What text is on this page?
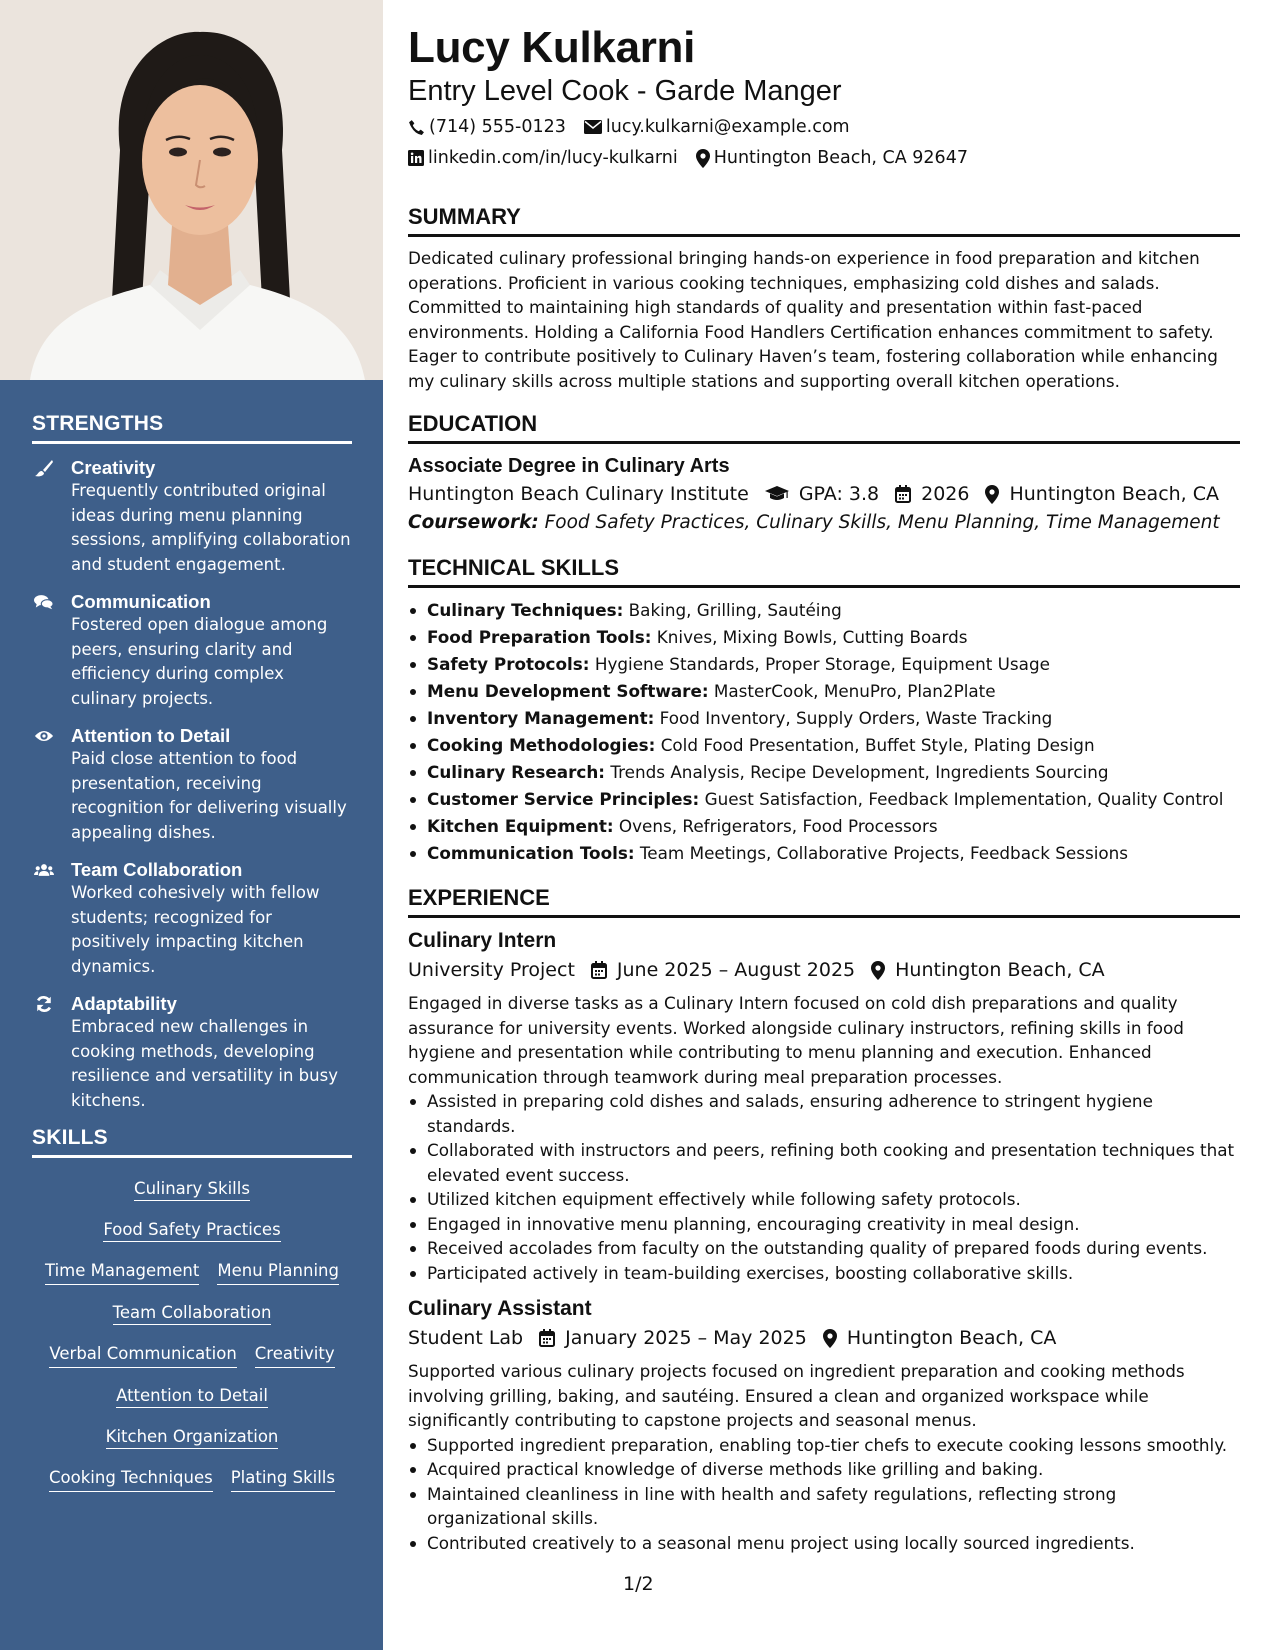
STRENGTHS
Creativity
Frequently contributed original ideas during menu planning sessions, amplifying collaboration and student engagement.
Communication
Fostered open dialogue among peers, ensuring clarity and efficiency during complex culinary projects.
Attention to Detail
Paid close attention to food presentation, receiving recognition for delivering visually appealing dishes.
Team Collaboration
Worked cohesively with fellow students; recognized for positively impacting kitchen dynamics.
Adaptability
Embraced new challenges in cooking methods, developing resilience and versatility in busy kitchens.
SKILLS
Culinary Skills
Food Safety Practices
Time Management Menu Planning
Team Collaboration
Verbal Communication Creativity
Attention to Detail
Kitchen Organization
Cooking Techniques Plating Skills
Lucy Kulkarni
Entry Level Cook - Garde Manger
(714) 555-0123 lucy.kulkarni@example.com
linkedin.com/in/lucy-kulkarni Huntington Beach, CA 92647
SUMMARY
Dedicated culinary professional bringing hands-on experience in food preparation and kitchen operations. Proficient in various cooking techniques, emphasizing cold dishes and salads. Committed to maintaining high standards of quality and presentation within fast-paced environments. Holding a California Food Handlers Certification enhances commitment to safety. Eager to contribute positively to Culinary Haven’s team, fostering collaboration while enhancing my culinary skills across multiple stations and supporting overall kitchen operations.
EDUCATION
Associate Degree in Culinary Arts
Huntington Beach Culinary Institute	GPA: 3.8 2026 Huntington Beach, CA
Coursework: Food Safety Practices, Culinary Skills, Menu Planning, Time Management
TECHNICAL SKILLS
Culinary Techniques: Baking, Grilling, Sautéing
Food Preparation Tools: Knives, Mixing Bowls, Cutting Boards
Safety Protocols: Hygiene Standards, Proper Storage, Equipment Usage
Menu Development Software: MasterCook, MenuPro, Plan2Plate
Inventory Management: Food Inventory, Supply Orders, Waste Tracking
Cooking Methodologies: Cold Food Presentation, Buffet Style, Plating Design
Culinary Research: Trends Analysis, Recipe Development, Ingredients Sourcing
Customer Service Principles: Guest Satisfaction, Feedback Implementation, Quality Control
Kitchen Equipment: Ovens, Refrigerators, Food Processors
Communication Tools: Team Meetings, Collaborative Projects, Feedback Sessions
EXPERIENCE
Culinary Intern
University Project June 2025 – August 2025 Huntington Beach, CA
Engaged in diverse tasks as a Culinary Intern focused on cold dish preparations and quality assurance for university events. Worked alongside culinary instructors, refining skills in food hygiene and presentation while contributing to menu planning and execution. Enhanced communication through teamwork during meal preparation processes.
Assisted in preparing cold dishes and salads, ensuring adherence to stringent hygiene standards.
Collaborated with instructors and peers, refining both cooking and presentation techniques that elevated event success.
Utilized kitchen equipment effectively while following safety protocols.
Engaged in innovative menu planning, encouraging creativity in meal design.
Received accolades from faculty on the outstanding quality of prepared foods during events.
Participated actively in team-building exercises, boosting collaborative skills.
Culinary Assistant
Student Lab January 2025 – May 2025 Huntington Beach, CA
Supported various culinary projects focused on ingredient preparation and cooking methods involving grilling, baking, and sautéing. Ensured a clean and organized workspace while significantly contributing to capstone projects and seasonal menus.
Supported ingredient preparation, enabling top-tier chefs to execute cooking lessons smoothly.
Acquired practical knowledge of diverse methods like grilling and baking.
Maintained cleanliness in line with health and safety regulations, reflecting strong organizational skills.
Contributed creatively to a seasonal menu project using locally sourced ingredients.
1/2
